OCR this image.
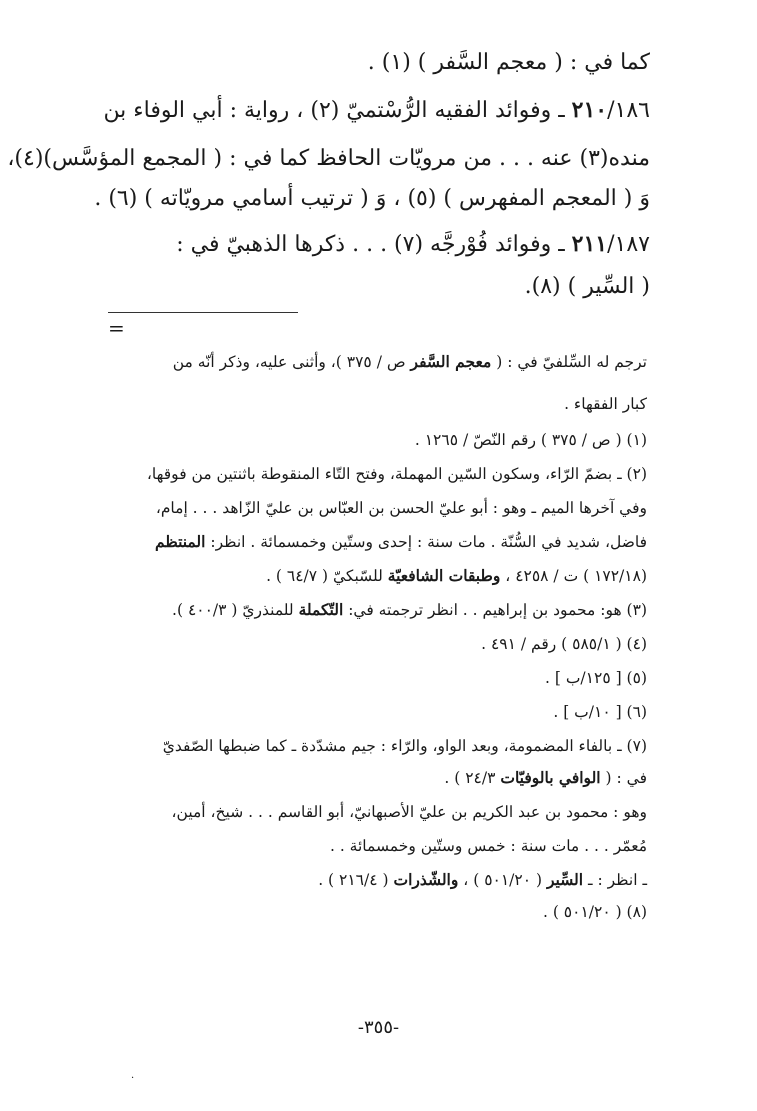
كما في : ( معجم السَّفر ) (١) .
٢١٠/١٨٦ ـ وفوائد الفقيه الرُّسْتميّ (٢) ، رواية : أبي الوفاء بن
منده(٣) عنه . . . من مرويّات الحافظ كما في : ( المجمع المؤسَّس)(٤)،
وَ ( المعجم المفهرس ) (٥) ، وَ ( ترتيب أسامي مرويّاته ) (٦) .
٢١١/١٨٧ ـ وفوائد فُوْرجَّه (٧) . . . ذكرها الذهبيّ في :
( السِّير ) (٨).
=
ترجم له السِّلفيّ في : ( معجم السَّفر ص / ٣٧٥ )، وأثنى عليه، وذكر أنّه من
كبار الفقهاء .
(١) ( ص / ٣٧٥ ) رقم النّصّ / ١٢٦٥ .
(٢) ـ بضمّ الرّاء، وسكون السّين المهملة، وفتح التّاء المنقوطة باثنتين من فوقها،
وفي آخرها الميم ـ وهو : أبو عليّ الحسن بن العبّاس بن عليّ الزّاهد . . . إمام،
فاضل، شديد في السُّنّة . مات سنة : إحدى وستّين وخمسمائة . انظر: المنتظم
(١٧٢/١٨ ) ت / ٤٢٥٨ ، وطبقات الشافعيّة للسّبكيّ ( ٦٤/٧ ) .
(٣) هو: محمود بن إبراهيم . . انظر ترجمته في: التّكملة للمنذريّ ( ٤٠٠/٣ ).
(٤) ( ٥٨٥/١ ) رقم / ٤٩١ .
(٥) [ ١٢٥/ب ] .
(٦) [ ١٠/ب ] .
(٧) ـ بالفاء المضمومة، وبعد الواو، والرّاء : جيم مشدّدة ـ كما ضبطها الصّفديّ
في : ( الوافي بالوفيّات ٢٤/٣ ) .
وهو : محمود بن عبد الكريم بن عليّ الأصبهانيّ، أبو القاسم . . . شيخ، أمين،
مُعمّر . . . مات سنة : خمس وستّين وخمسمائة . .
ـ انظر : ـ السِّير ( ٥٠١/٢٠ ) ، والشّذرات ( ٢١٦/٤ ) .
(٨) ( ٥٠١/٢٠ ) .
-٣٥٥-
·
